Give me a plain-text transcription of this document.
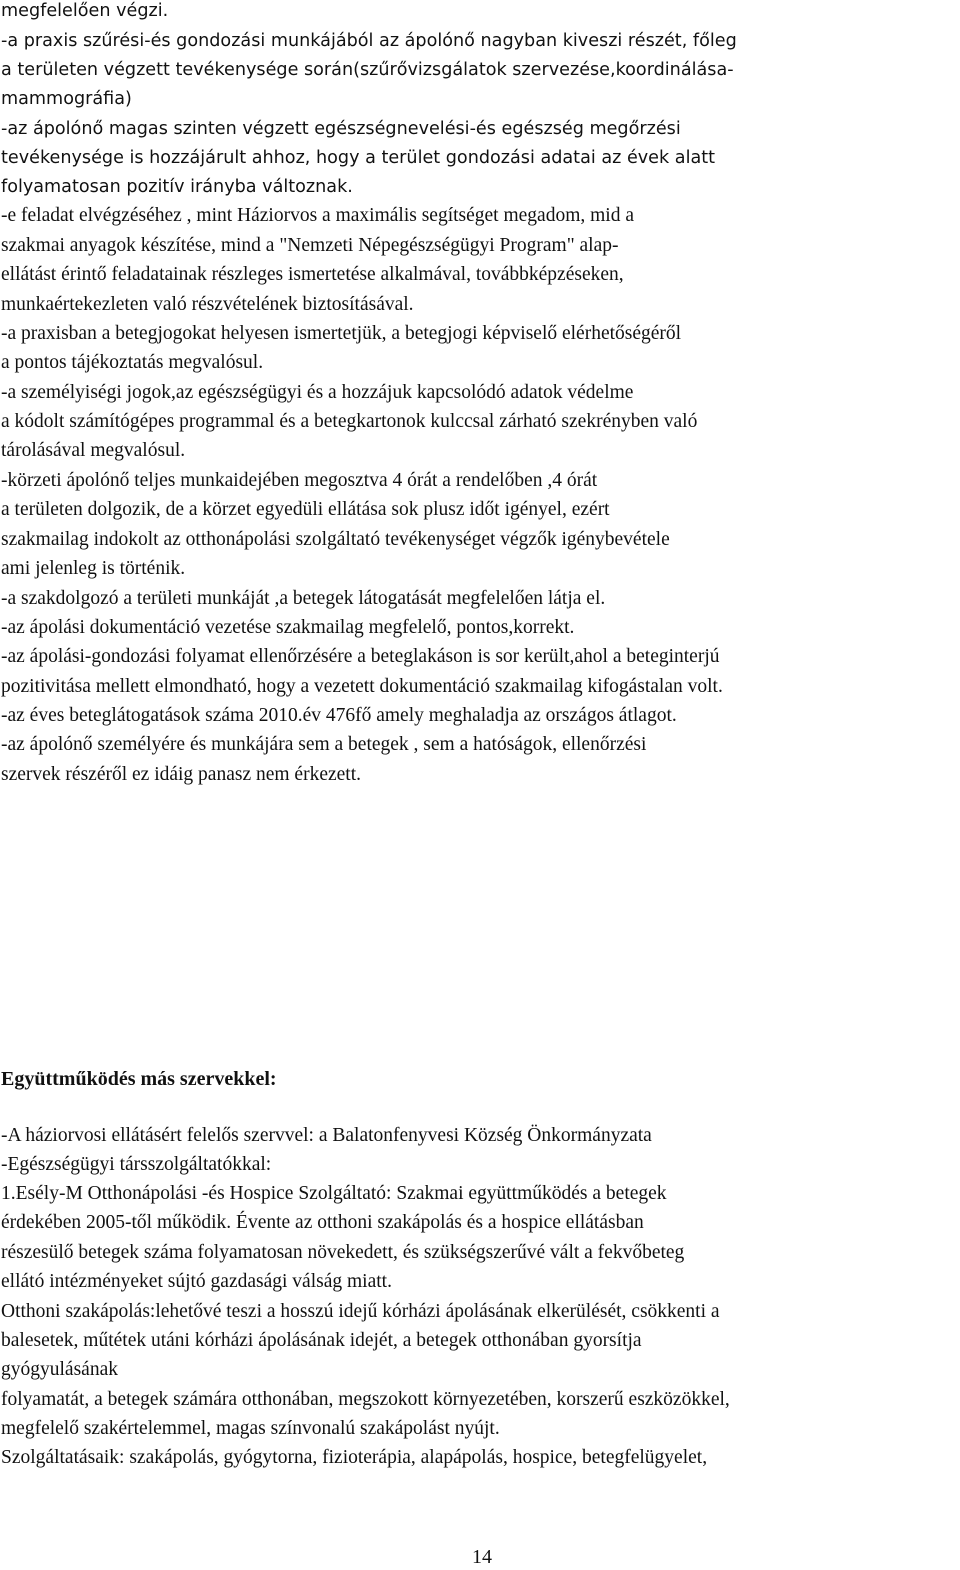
megfelelően végzi.
-a praxis szűrési-és gondozási munkájából az ápolónő nagyban kiveszi részét, főleg
a területen végzett tevékenysége során(szűrővizsgálatok szervezése,koordinálása-
mammográfia)
-az ápolónő magas szinten végzett egészségnevelési-és egészség megőrzési
tevékenysége is hozzájárult ahhoz, hogy a terület gondozási adatai az évek alatt
folyamatosan pozitív irányba változnak.
-e feladat elvégzéséhez , mint Háziorvos a maximális segítséget megadom, mid a
szakmai anyagok készítése, mind a "Nemzeti Népegészségügyi Program" alap-
ellátást érintő feladatainak részleges ismertetése alkalmával, továbbképzéseken,
munkaértekezleten való részvételének biztosításával.
-a praxisban a betegjogokat helyesen ismertetjük, a betegjogi képviselő elérhetőségéről
a pontos tájékoztatás megvalósul.
-a személyiségi jogok,az egészségügyi és a hozzájuk kapcsolódó adatok védelme
a kódolt számítógépes programmal és a betegkartonok kulccsal zárható szekrényben való
tárolásával megvalósul.
-körzeti ápolónő teljes munkaidejében megosztva 4 órát a rendelőben ,4 órát
a területen dolgozik, de a körzet egyedüli ellátása sok plusz időt igényel, ezért
szakmailag indokolt az otthonápolási szolgáltató tevékenységet végzők igénybevétele
ami jelenleg is történik.
-a szakdolgozó a területi munkáját ,a betegek látogatását megfelelően látja el.
-az ápolási dokumentáció vezetése szakmailag megfelelő, pontos,korrekt.
-az ápolási-gondozási folyamat ellenőrzésére a beteglakáson is sor került,ahol a beteginterjú
pozitivitása mellett elmondható, hogy a vezetett dokumentáció szakmailag kifogástalan volt.
-az éves beteglátogatások száma 2010.év 476fő amely meghaladja az országos átlagot.
-az ápolónő személyére és munkájára sem a betegek , sem a hatóságok, ellenőrzési
szervek részéről ez idáig panasz nem érkezett.
Együttműködés más szervekkel:
-A háziorvosi ellátásért felelős szervvel: a Balatonfenyvesi Község Önkormányzata
-Egészségügyi társszolgáltatókkal:
1.Esély-M Otthonápolási -és Hospice Szolgáltató: Szakmai együttműködés a betegek
érdekében 2005-től működik. Évente az otthoni szakápolás és a hospice ellátásban
részesülő betegek száma folyamatosan növekedett, és szükségszerűvé vált a fekvőbeteg
ellátó intézményeket sújtó gazdasági válság miatt.
Otthoni szakápolás:lehetővé teszi a hosszú idejű kórházi ápolásának elkerülését, csökkenti a
balesetek, műtétek utáni kórházi ápolásának idejét, a betegek otthonában gyorsítja
gyógyulásának
folyamatát, a betegek számára otthonában, megszokott környezetében, korszerű eszközökkel,
megfelelő szakértelemmel, magas színvonalú szakápolást nyújt.
Szolgáltatásaik: szakápolás, gyógytorna, fizioterápia, alapápolás, hospice, betegfelügyelet,
14
